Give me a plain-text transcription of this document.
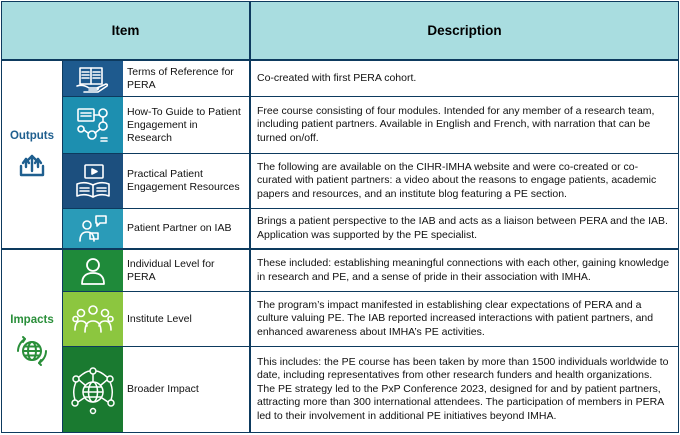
Item	Description
Outputs
Impacts
Terms of Reference for PERA
Co-created with first PERA cohort.
How-To Guide to Patient Engagement in Research
Free course consisting of four modules. Intended for any member of a research team, including patient partners. Available in English and French, with narration that can be turned on/off.
Practical Patient Engagement Resources
The following are available on the CIHR-IMHA website and were co-created or co-curated with patient partners: a video about the reasons to engage patients, academic papers and resources, and an institute blog featuring a PE section.
Patient Partner on IAB
Brings a patient perspective to the IAB and acts as a liaison between PERA and the IAB. Application was supported by the PE specialist.
Individual Level for PERA
These included: establishing meaningful connections with each other, gaining knowledge in research and PE, and a sense of pride in their association with IMHA.
Institute Level
The program’s impact manifested in establishing clear expectations of PERA and a culture valuing PE. The IAB reported increased interactions with patient partners, and enhanced awareness about IMHA’s PE activities.
Broader Impact
This includes: the PE course has been taken by more than 1500 individuals worldwide to date, including representatives from other research funders and health organizations. The PE strategy led to the PxP Conference 2023, designed for and by patient partners, attracting more than 300 international attendees. The participation of members in PERA led to their involvement in additional PE initiatives beyond IMHA.
